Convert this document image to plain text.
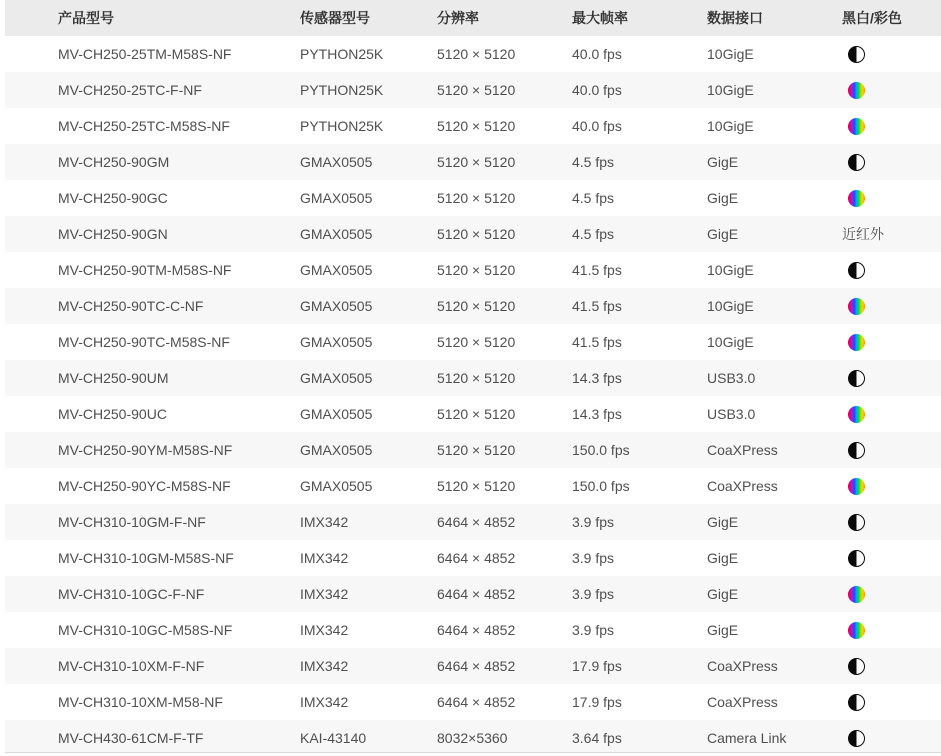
产品型号	传感器型号	分辨率	最大帧率	数据接口	黑白/彩色
MV-CH250-25TM-M58S-NF	PYTHON25K	5120 × 5120	40.0 fps	10GigE	
MV-CH250-25TC-F-NF	PYTHON25K	5120 × 5120	40.0 fps	10GigE	
MV-CH250-25TC-M58S-NF	PYTHON25K	5120 × 5120	40.0 fps	10GigE	
MV-CH250-90GM	GMAX0505	5120 × 5120	4.5 fps	GigE	
MV-CH250-90GC	GMAX0505	5120 × 5120	4.5 fps	GigE	
MV-CH250-90GN	GMAX0505	5120 × 5120	4.5 fps	GigE	近红外
MV-CH250-90TM-M58S-NF	GMAX0505	5120 × 5120	41.5 fps	10GigE	
MV-CH250-90TC-C-NF	GMAX0505	5120 × 5120	41.5 fps	10GigE	
MV-CH250-90TC-M58S-NF	GMAX0505	5120 × 5120	41.5 fps	10GigE	
MV-CH250-90UM	GMAX0505	5120 × 5120	14.3 fps	USB3.0	
MV-CH250-90UC	GMAX0505	5120 × 5120	14.3 fps	USB3.0	
MV-CH250-90YM-M58S-NF	GMAX0505	5120 × 5120	150.0 fps	CoaXPress	
MV-CH250-90YC-M58S-NF	GMAX0505	5120 × 5120	150.0 fps	CoaXPress	
MV-CH310-10GM-F-NF	IMX342	6464 × 4852	3.9 fps	GigE	
MV-CH310-10GM-M58S-NF	IMX342	6464 × 4852	3.9 fps	GigE	
MV-CH310-10GC-F-NF	IMX342	6464 × 4852	3.9 fps	GigE	
MV-CH310-10GC-M58S-NF	IMX342	6464 × 4852	3.9 fps	GigE	
MV-CH310-10XM-F-NF	IMX342	6464 × 4852	17.9 fps	CoaXPress	
MV-CH310-10XM-M58-NF	IMX342	6464 × 4852	17.9 fps	CoaXPress	
MV-CH430-61CM-F-TF	KAI-43140	8032×5360	3.64 fps	Camera Link	
